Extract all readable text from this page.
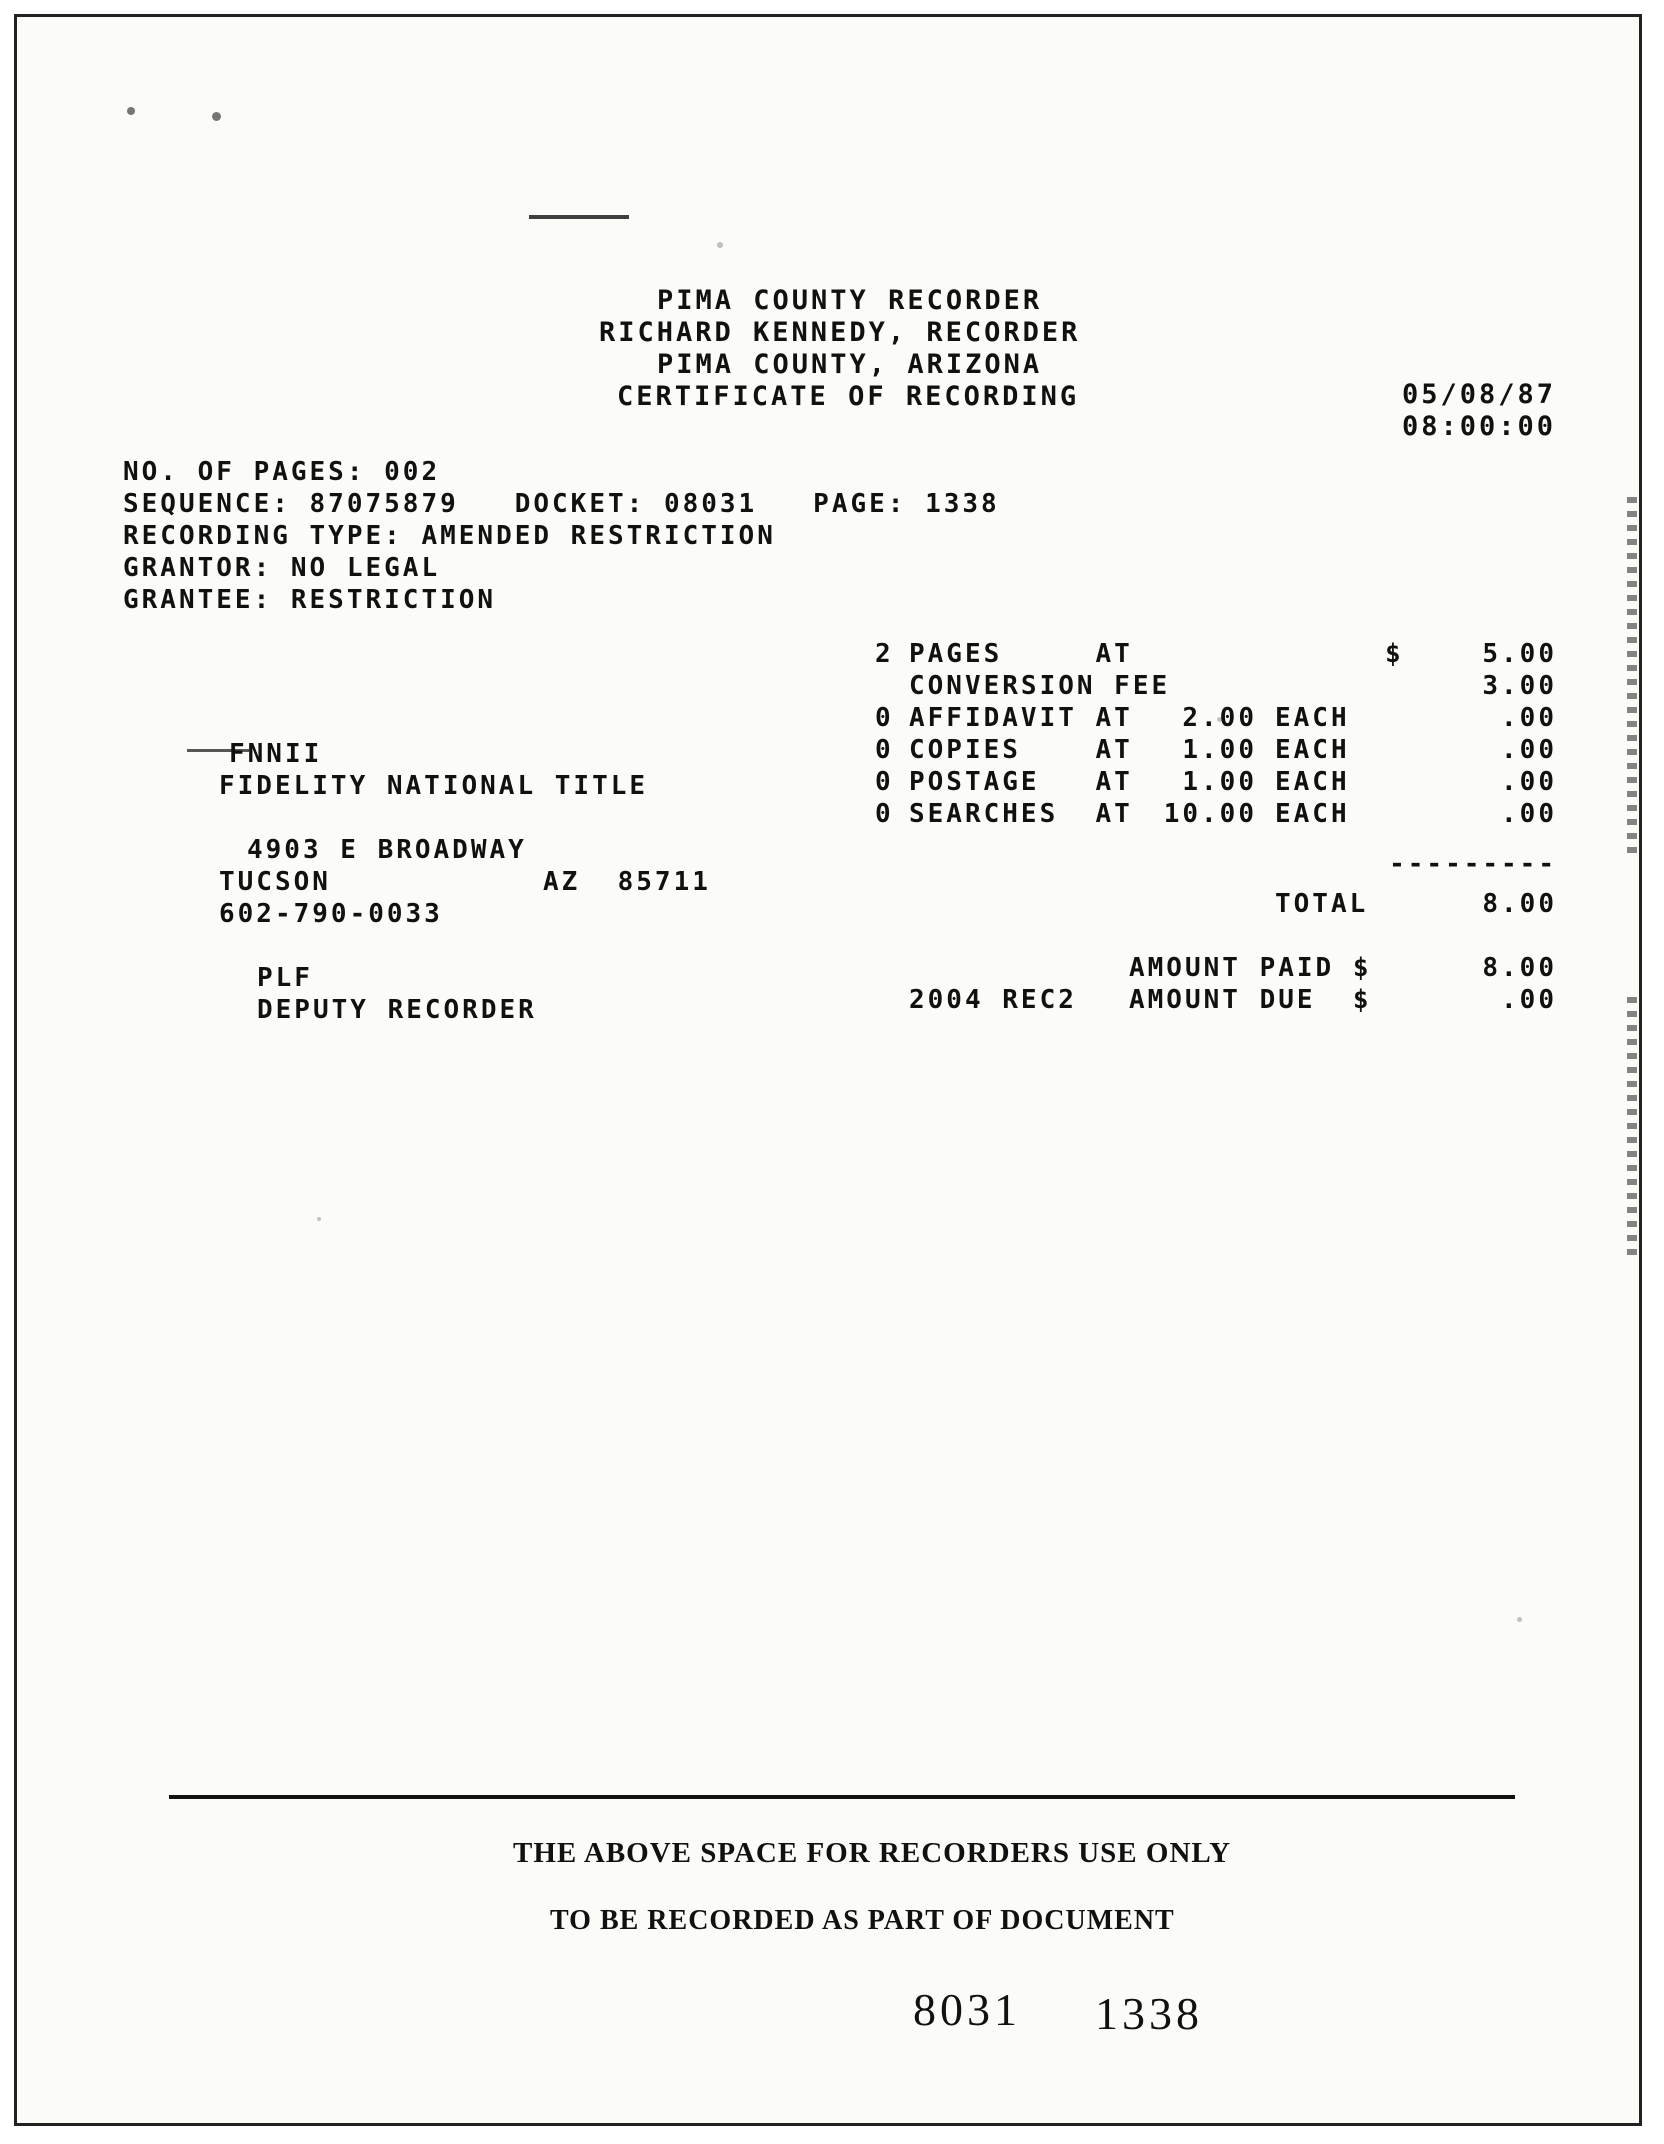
PIMA COUNTY RECORDER
RICHARD KENNEDY, RECORDER
PIMA COUNTY, ARIZONA
CERTIFICATE OF RECORDING	05/08/87
08:00:00
NO. OF PAGES: 002
SEQUENCE: 87075879   DOCKET: 08031   PAGE: 1338
RECORDING TYPE: AMENDED RESTRICTION
GRANTOR: NO LEGAL
GRANTEE: RESTRICTION
2 PAGES     AT	$	5.00
CONVERSION FEE	3.00
0 AFFIDAVIT AT	2.00 EACH	.00
0 COPIES    AT	1.00 EACH	.00
0 POSTAGE   AT	1.00 EACH	.00
0 SEARCHES  AT 10.00 EACH	.00
---------
TOTAL	8.00
AMOUNT PAID $	8.00
2004 REC2 AMOUNT DUE  $	.00
FNNII
FIDELITY NATIONAL TITLE
4903 E BROADWAY
TUCSON	AZ  85711
602-790-0033
PLF
DEPUTY RECORDER
THE ABOVE SPACE FOR RECORDERS USE ONLY
TO BE RECORDED AS PART OF DOCUMENT
8031 1338
